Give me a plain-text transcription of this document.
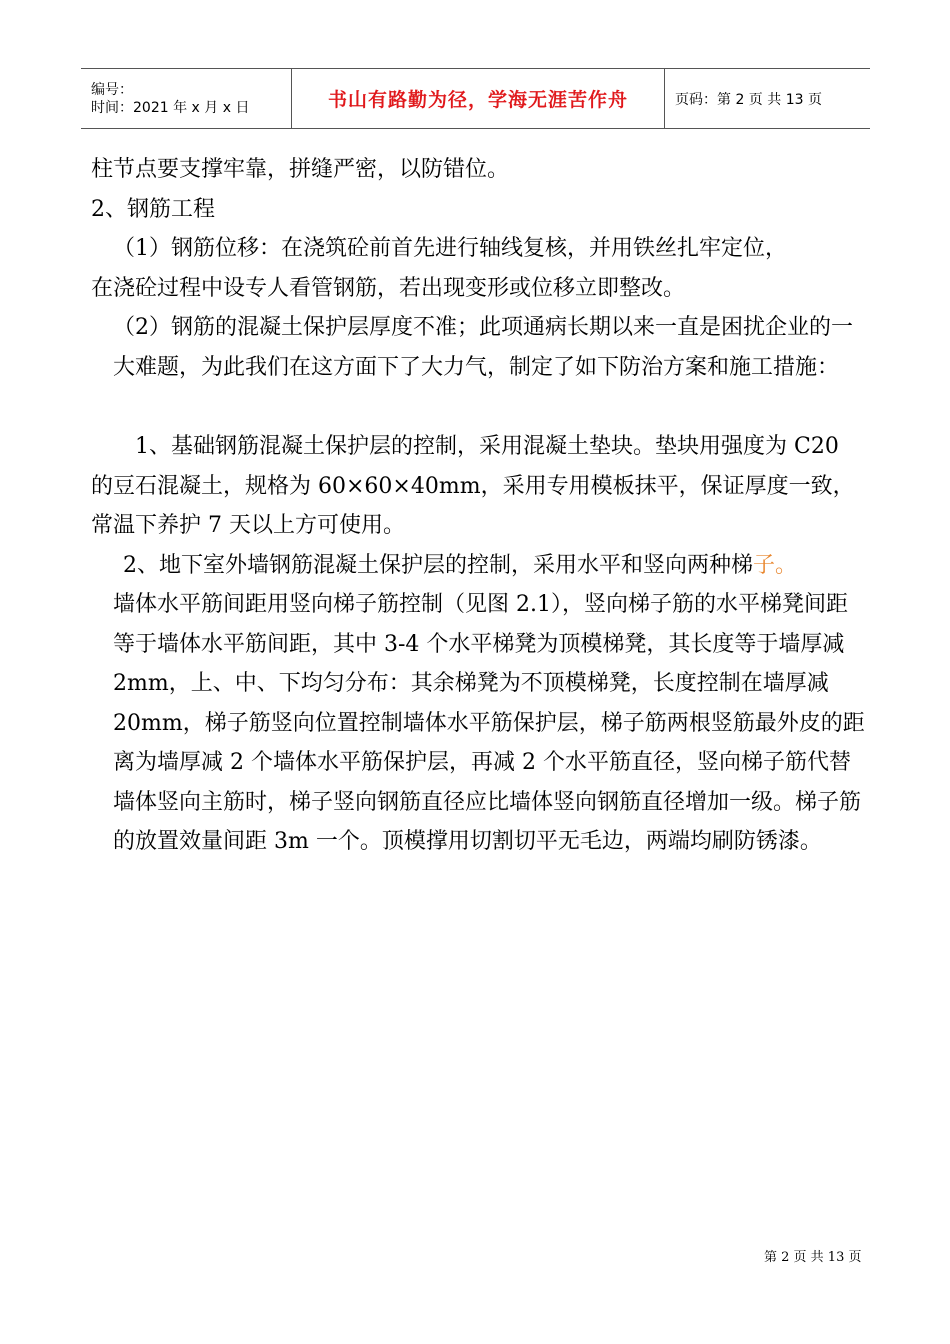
编号：
时间：2021 年 x 月 x 日	书山有路勤为径，学海无涯苦作舟	页码：第 2 页 共 13 页

柱节点要支撑牢靠，拼缝严密，以防错位。

2、钢筋工程

（1）钢筋位移：在浇筑砼前首先进行轴线复核，并用铁丝扎牢定位，

在浇砼过程中设专人看管钢筋，若出现变形或位移立即整改。

（2）钢筋的混凝土保护层厚度不准；此项通病长期以来一直是困扰企业的一大难题，为此我们在这方面下了大力气，制定了如下防治方案和施工措施：

1、基础钢筋混凝土保护层的控制，采用混凝土垫块。垫块用强度为 C20 的豆石混凝土，规格为 60×60×40mm，采用专用模板抹平，保证厚度一致，常温下养护 7 天以上方可使用。

2、地下室外墙钢筋混凝土保护层的控制，采用水平和竖向两种梯子。

墙体水平筋间距用竖向梯子筋控制（见图 2.1），竖向梯子筋的水平梯凳间距等于墙体水平筋间距，其中 3-4 个水平梯凳为顶模梯凳，其长度等于墙厚减 2mm，上、中、下均匀分布：其余梯凳为不顶模梯凳，长度控制在墙厚减 20mm，梯子筋竖向位置控制墙体水平筋保护层，梯子筋两根竖筋最外皮的距离为墙厚减 2 个墙体水平筋保护层，再减 2 个水平筋直径，竖向梯子筋代替墙体竖向主筋时，梯子竖向钢筋直径应比墙体竖向钢筋直径增加一级。梯子筋的放置效量间距 3m 一个。顶模撑用切割切平无毛边，两端均刷防锈漆。

第 2 页 共 13 页
